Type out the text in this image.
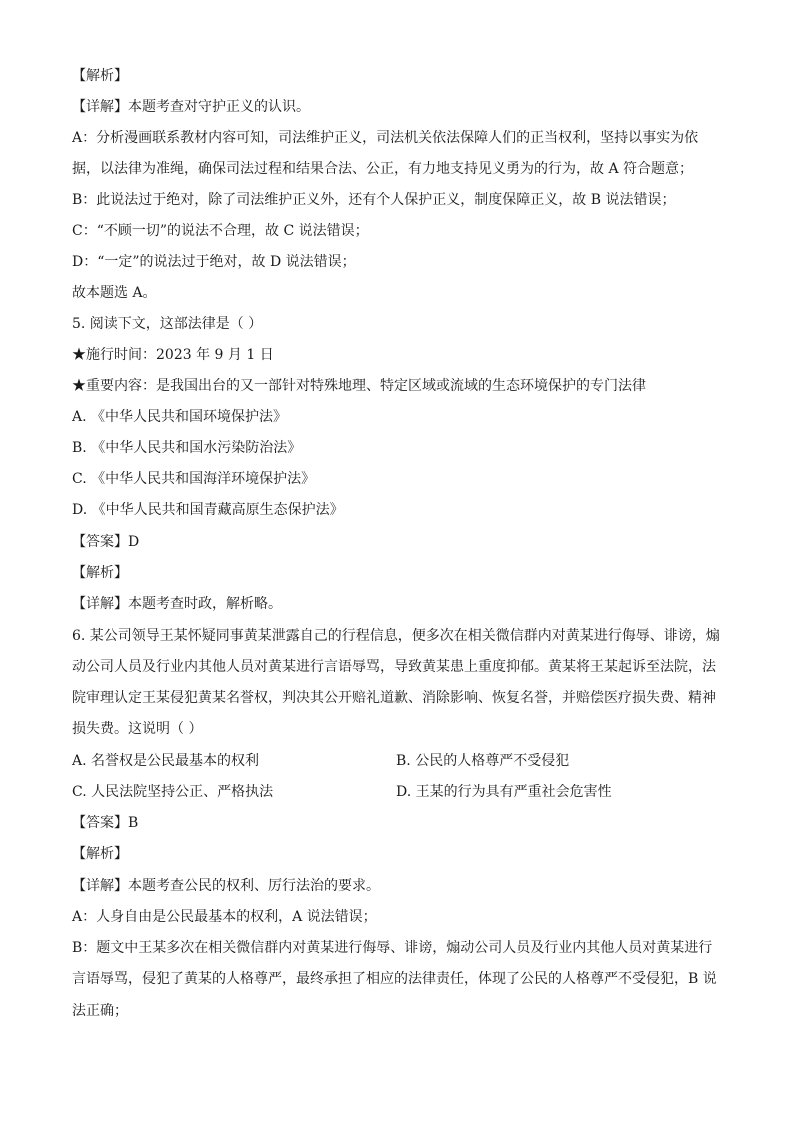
【解析】
【详解】本题考查对守护正义的认识。
A：分析漫画联系教材内容可知，司法维护正义，司法机关依法保障人们的正当权利，坚持以事实为依
据，以法律为准绳，确保司法过程和结果合法、公正，有力地支持见义勇为的行为，故 A 符合题意；
B：此说法过于绝对，除了司法维护正义外，还有个人保护正义，制度保障正义，故 B 说法错误；
C：“不顾一切”的说法不合理，故 C 说法错误；
D：“一定”的说法过于绝对，故 D 说法错误；
故本题选 A。
5. 阅读下文，这部法律是（ ）
★施行时间：2023 年 9 月 1 日
★重要内容：是我国出台的又一部针对特殊地理、特定区域或流域的生态环境保护的专门法律
A. 《中华人民共和国环境保护法》
B. 《中华人民共和国水污染防治法》
C. 《中华人民共和国海洋环境保护法》
D. 《中华人民共和国青藏高原生态保护法》
【答案】D
【解析】
【详解】本题考查时政，解析略。
6. 某公司领导王某怀疑同事黄某泄露自己的行程信息，便多次在相关微信群内对黄某进行侮辱、诽谤，煽
动公司人员及行业内其他人员对黄某进行言语辱骂，导致黄某患上重度抑郁。黄某将王某起诉至法院，法
院审理认定王某侵犯黄某名誉权，判决其公开赔礼道歉、消除影响、恢复名誉，并赔偿医疗损失费、精神
损失费。这说明（ ）
A. 名誉权是公民最基本的权利	B. 公民的人格尊严不受侵犯
C. 人民法院坚持公正、严格执法	D. 王某的行为具有严重社会危害性
【答案】B
【解析】
【详解】本题考查公民的权利、厉行法治的要求。
A：人身自由是公民最基本的权利，A 说法错误；
B：题文中王某多次在相关微信群内对黄某进行侮辱、诽谤，煽动公司人员及行业内其他人员对黄某进行
言语辱骂，侵犯了黄某的人格尊严，最终承担了相应的法律责任，体现了公民的人格尊严不受侵犯，B 说
法正确；
